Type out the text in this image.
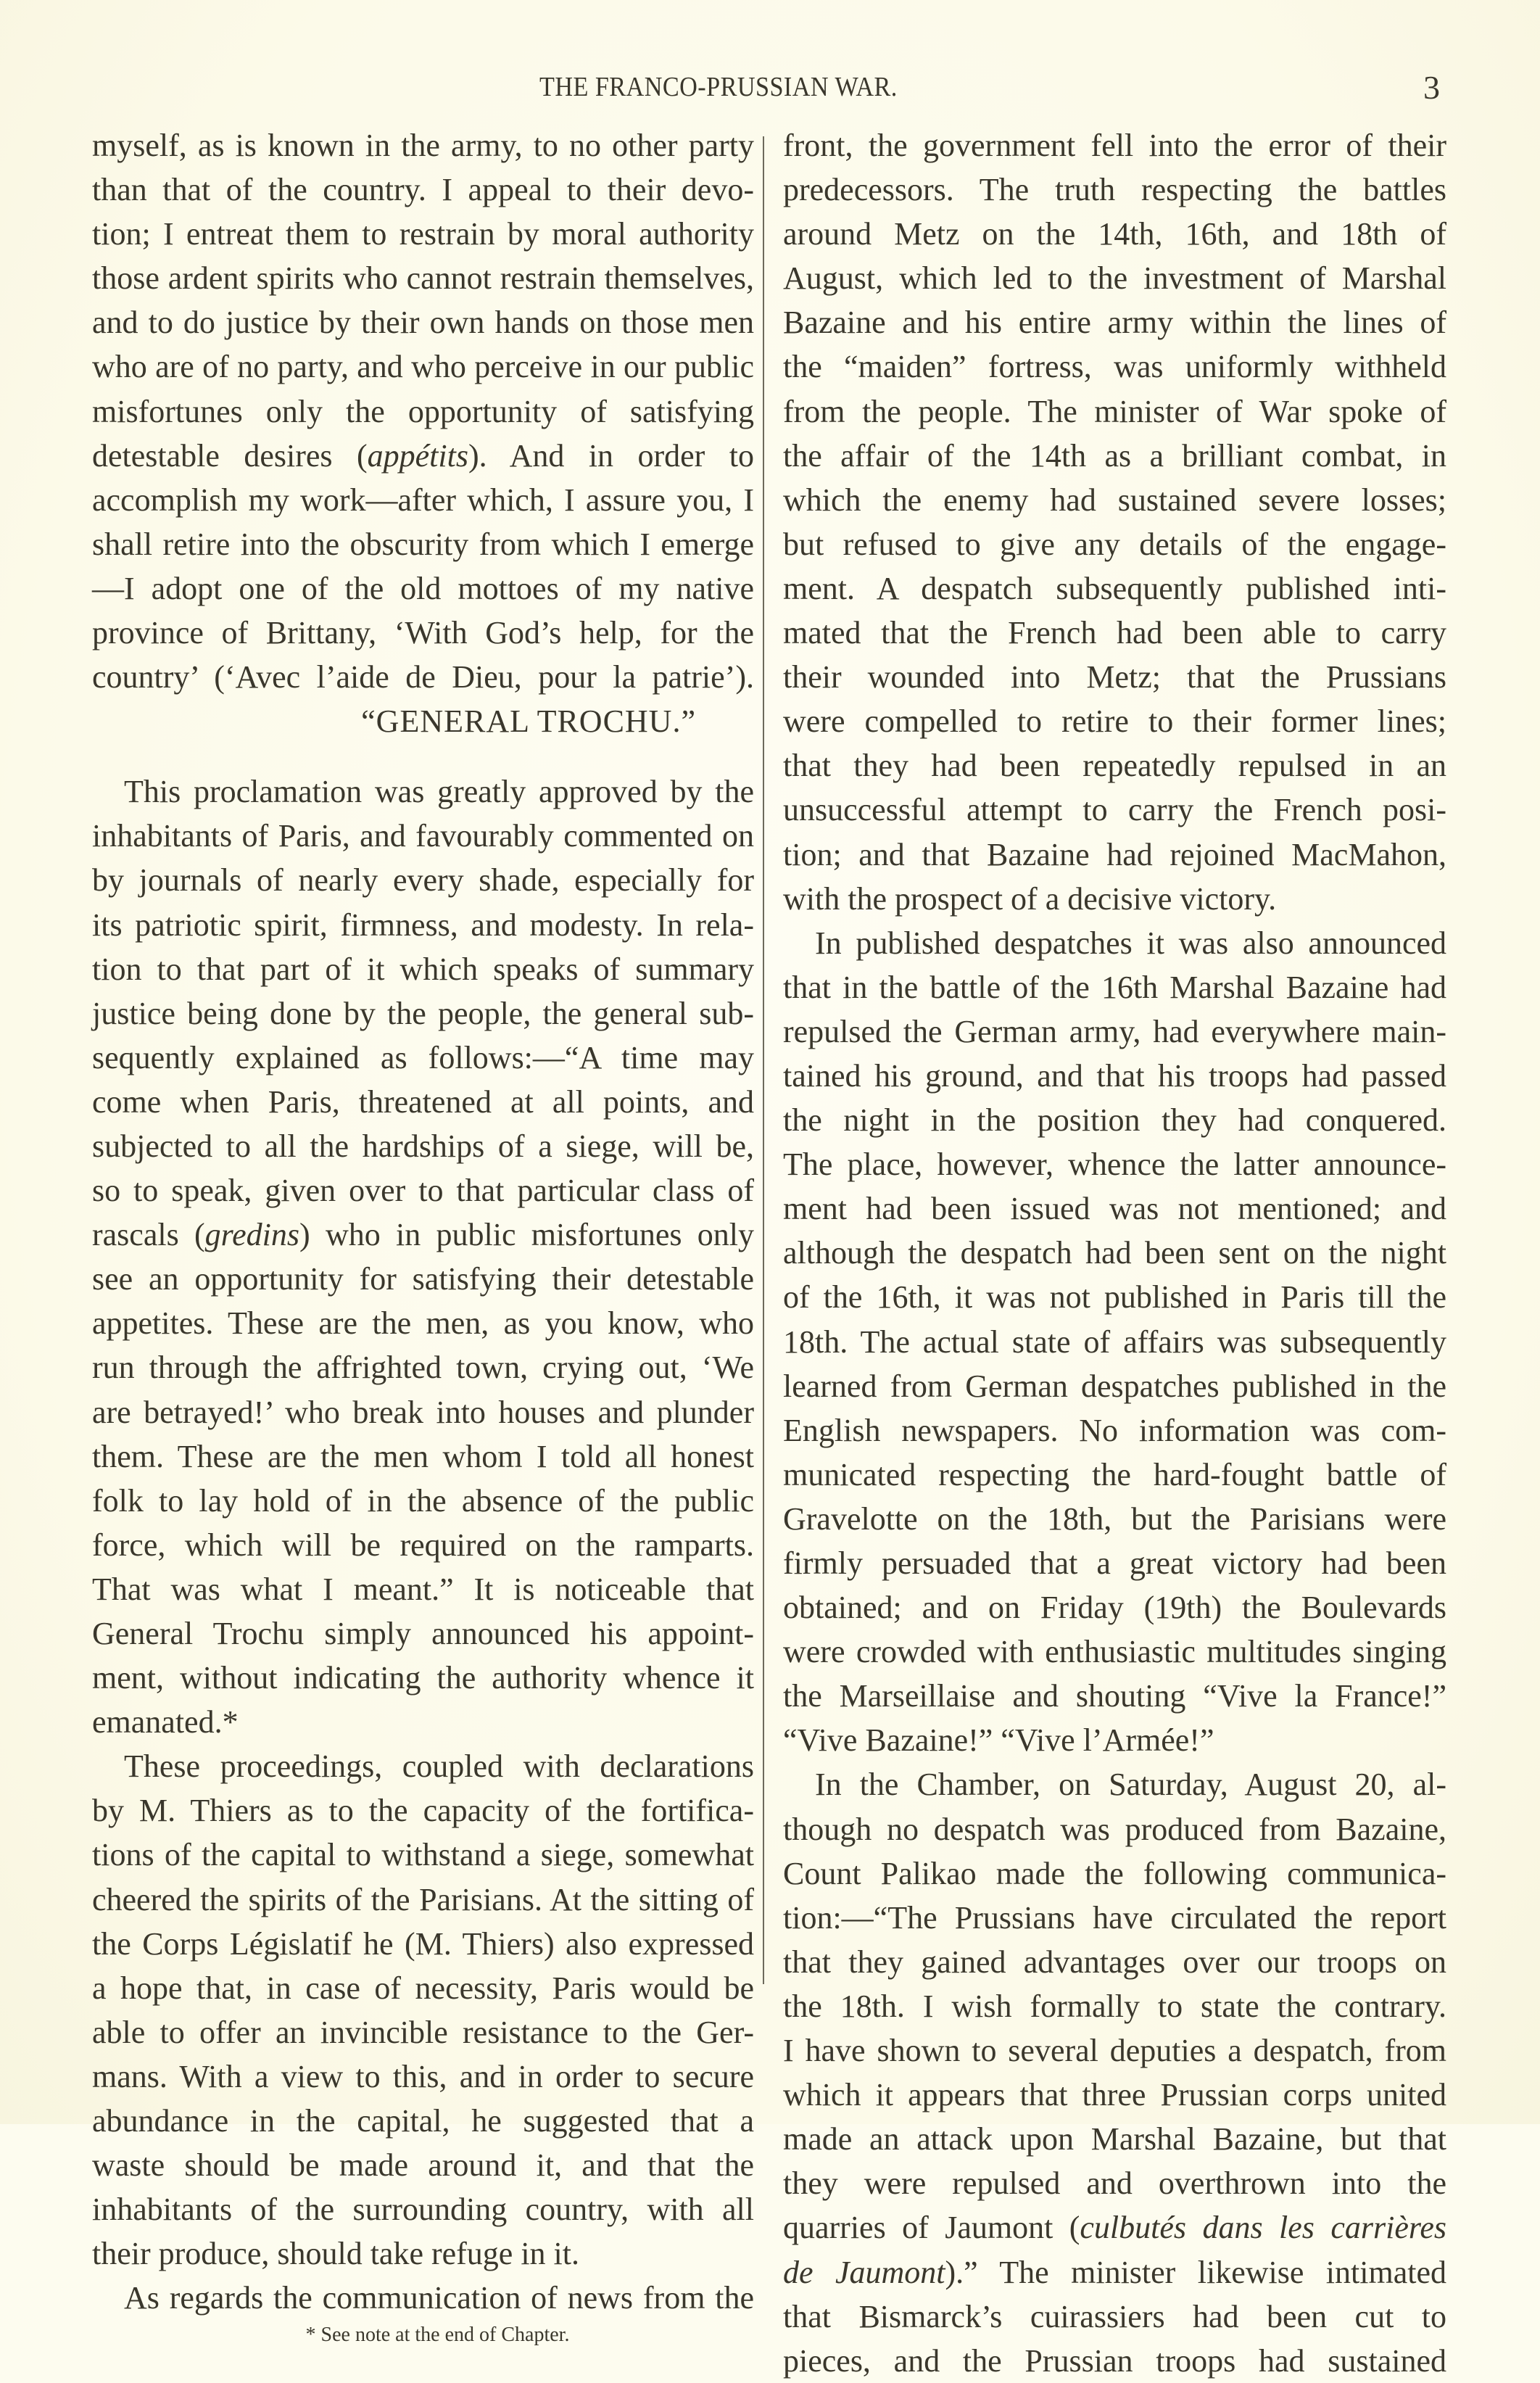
THE FRANCO-PRUSSIAN WAR.	3
myself, as is known in the army, to no other party
than that of the country. I appeal to their devo-
tion; I entreat them to restrain by moral authority
those ardent spirits who cannot restrain themselves,
and to do justice by their own hands on those men
who are of no party, and who perceive in our public
misfortunes only the opportunity of satisfying
detestable desires (appétits). And in order to
accomplish my work—after which, I assure you, I
shall retire into the obscurity from which I emerge
—I adopt one of the old mottoes of my native
province of Brittany, ‘With God’s help, for the
country’ (‘Avec l’aide de Dieu, pour la patrie’).
“GENERAL TROCHU.”
This proclamation was greatly approved by the
inhabitants of Paris, and favourably commented on
by journals of nearly every shade, especially for
its patriotic spirit, firmness, and modesty. In rela-
tion to that part of it which speaks of summary
justice being done by the people, the general sub-
sequently explained as follows:—“A time may
come when Paris, threatened at all points, and
subjected to all the hardships of a siege, will be,
so to speak, given over to that particular class of
rascals (gredins) who in public misfortunes only
see an opportunity for satisfying their detestable
appetites. These are the men, as you know, who
run through the affrighted town, crying out, ‘We
are betrayed!’ who break into houses and plunder
them. These are the men whom I told all honest
folk to lay hold of in the absence of the public
force, which will be required on the ramparts.
That was what I meant.” It is noticeable that
General Trochu simply announced his appoint-
ment, without indicating the authority whence it
emanated.*
These proceedings, coupled with declarations
by M. Thiers as to the capacity of the fortifica-
tions of the capital to withstand a siege, somewhat
cheered the spirits of the Parisians. At the sitting of
the Corps Législatif he (M. Thiers) also expressed
a hope that, in case of necessity, Paris would be
able to offer an invincible resistance to the Ger-
mans. With a view to this, and in order to secure
abundance in the capital, he suggested that a
waste should be made around it, and that the
inhabitants of the surrounding country, with all
their produce, should take refuge in it.
As regards the communication of news from the
* See note at the end of Chapter.
front, the government fell into the error of their
predecessors. The truth respecting the battles
around Metz on the 14th, 16th, and 18th of
August, which led to the investment of Marshal
Bazaine and his entire army within the lines of
the “maiden” fortress, was uniformly withheld
from the people. The minister of War spoke of
the affair of the 14th as a brilliant combat, in
which the enemy had sustained severe losses;
but refused to give any details of the engage-
ment. A despatch subsequently published inti-
mated that the French had been able to carry
their wounded into Metz; that the Prussians
were compelled to retire to their former lines;
that they had been repeatedly repulsed in an
unsuccessful attempt to carry the French posi-
tion; and that Bazaine had rejoined MacMahon,
with the prospect of a decisive victory.
In published despatches it was also announced
that in the battle of the 16th Marshal Bazaine had
repulsed the German army, had everywhere main-
tained his ground, and that his troops had passed
the night in the position they had conquered.
The place, however, whence the latter announce-
ment had been issued was not mentioned; and
although the despatch had been sent on the night
of the 16th, it was not published in Paris till the
18th. The actual state of affairs was subsequently
learned from German despatches published in the
English newspapers. No information was com-
municated respecting the hard-fought battle of
Gravelotte on the 18th, but the Parisians were
firmly persuaded that a great victory had been
obtained; and on Friday (19th) the Boulevards
were crowded with enthusiastic multitudes singing
the Marseillaise and shouting “Vive la France!”
“Vive Bazaine!” “Vive l’Armée!”
In the Chamber, on Saturday, August 20, al-
though no despatch was produced from Bazaine,
Count Palikao made the following communica-
tion:—“The Prussians have circulated the report
that they gained advantages over our troops on
the 18th. I wish formally to state the contrary.
I have shown to several deputies a despatch, from
which it appears that three Prussian corps united
made an attack upon Marshal Bazaine, but that
they were repulsed and overthrown into the
quarries of Jaumont (culbutés dans les carrières
de Jaumont).” The minister likewise intimated
that Bismarck’s cuirassiers had been cut to
pieces, and the Prussian troops had sustained
